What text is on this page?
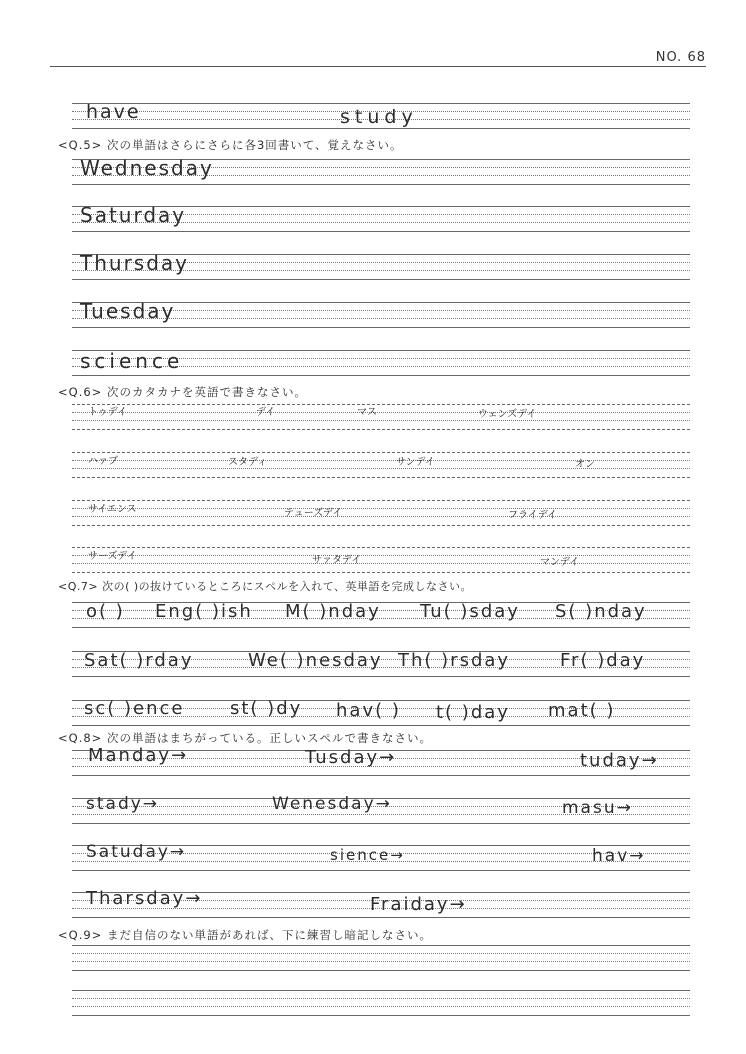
NO. 68
have	study
<Q.5> 次の単語はさらにさらに各3回書いて、覚えなさい。
Wednesday
Saturday
Thursday
Tuesday
science
<Q.6> 次のカタカナを英語で書きなさい。
トゥデイ	デイ	マス	ウェンズデイ
ハァブ	スタディ	サンデイ	オン
サイエンス	テューズデイ	フライデイ
サーズデイ	サァタデイ	マンデイ
<Q.7> 次の( )の抜けているところにスペルを入れて、英単語を完成しなさい。
o( ) Eng( )ish M( )nday Tu( )sday S( )nday
Sat( )rday	We( )nesday Th( )rsday	Fr( )day
sc( )ence	st( )dy hav( ) t( )day mat( )
<Q.8> 次の単語はまちがっている。正しいスペルで書きなさい。
Manday→	Tusday→	tuday→
stady→	Wenesday→	masu→
Satuday→	sience→	hav→
Tharsday→	Fraiday→
<Q.9> まだ自信のない単語があれば、下に練習し暗記しなさい。
